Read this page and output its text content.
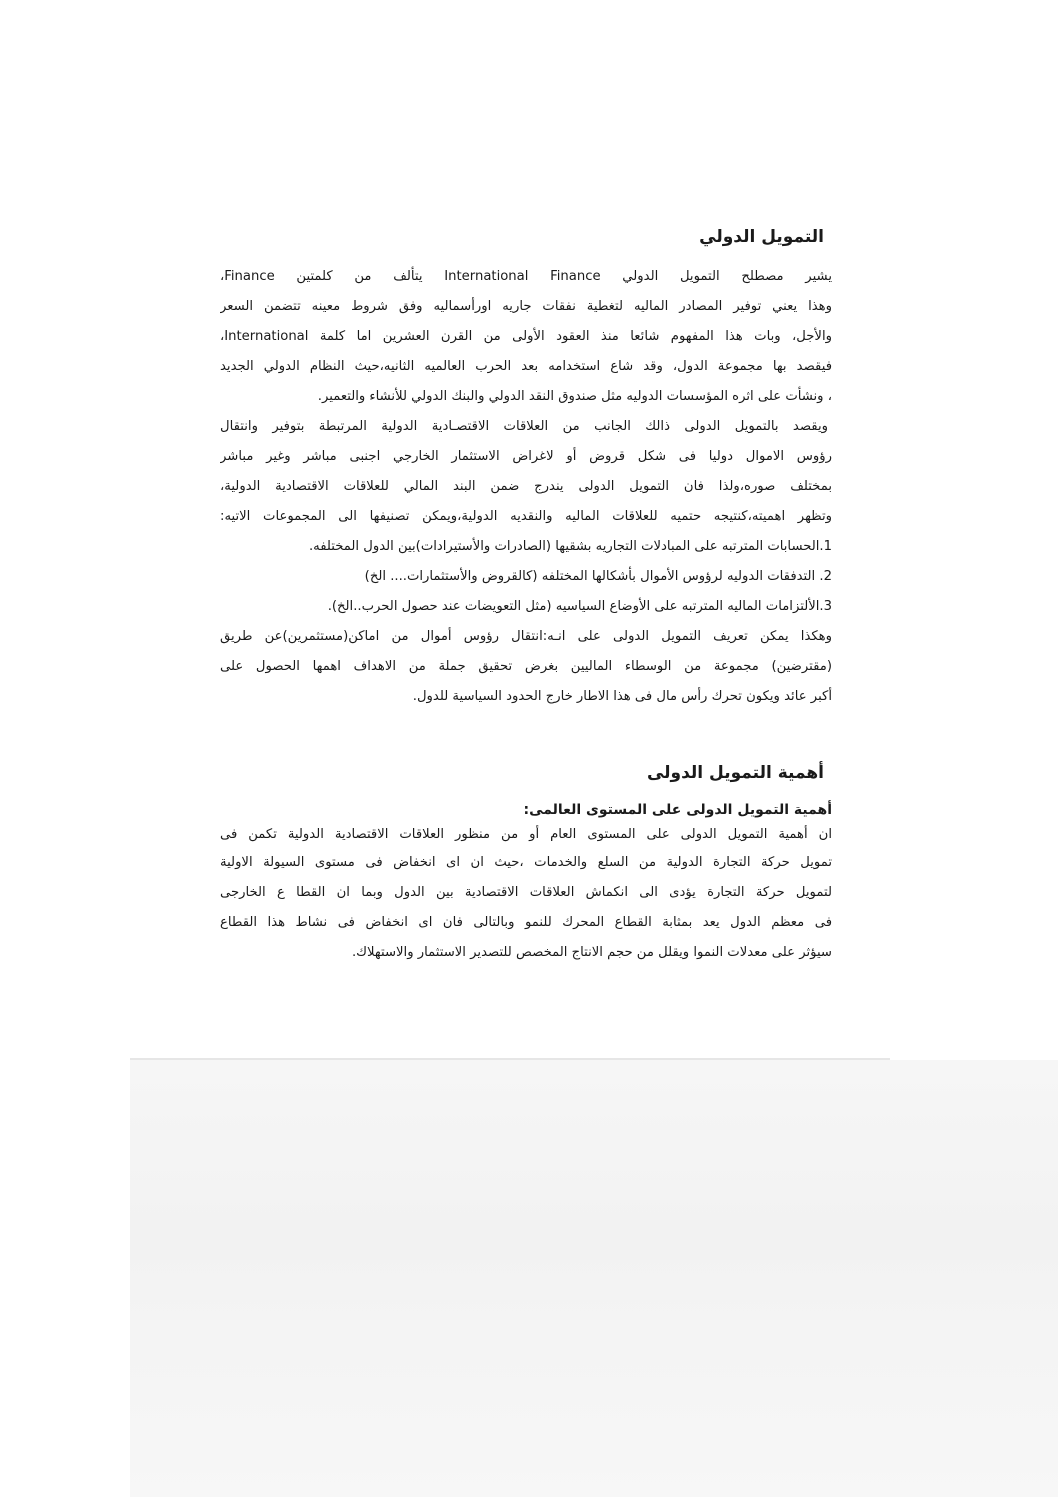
التمويل الدولي
يشير مصطلح التمويل الدولي International Finance يتألف من كلمتين Finance،
وهذا يعني توفير المصادر الماليه لتغطية نفقات جاريه اورأسماليه وفق شروط معينه تتضمن السعر
والأجل، وبات هذا المفهوم شائعا منذ العقود الأولى من القرن العشرين اما كلمة International،
فيقصد بها مجموعة الدول، وقد شاع استخدامه بعد الحرب العالميه الثانيه،حيث النظام الدولي الجديد
، ونشأت على اثره المؤسسات الدوليه مثل صندوق النقد الدولي والبنك الدولي للأنشاء والتعمير.
ويقصد بالتمويل الدولى ذالك الجانب من العلاقات الاقتصـادية الدولية المرتبطة بتوفير وانتقال
رؤوس الاموال دوليا فى شكل قروض أو لاغراض الاستثمار الخارجي اجنبى مباشر وغير مباشر
بمختلف صوره،ولذا فان التمويل الدولى يندرج ضمن البند المالي للعلاقات الاقتصادية الدولية،
وتظهر اهميته،كنتيجه حتميه للعلاقات الماليه والنقديه الدولية،ويمكن تصنيفها الى المجموعات الاتيه:
1.الحسابات المترتبه على المبادلات التجاريه بشقيها (الصادرات والأستيرادات)بين الدول المختلفه.
2. التدفقات الدوليه لرؤوس الأموال بأشكالها المختلفه (كالقروض والأستثمارات.... الخ)
3.الألتزامات الماليه المترتبه على الأوضاع السياسيه (مثل التعويضات عند حصول الحرب..الخ).
وهكذا يمكن تعريف التمويل الدولى على انـه:انتقال رؤوس أموال من اماكن(مستثمرين)عن طريق
(مقترضين) مجموعة من الوسطاء الماليين بغرض تحقيق جملة من الاهداف اهمها الحصول على
أكبر عائد ويكون تحرك رأس مال فى هذا الاطار خارج الحدود السياسية للدول.
أهمية التمويل الدولى
أهمية التمويل الدولى على المستوى العالمى:
ان أهمية التمويل الدولى على المستوى العام أو من منظور العلاقات الاقتصادية الدولية تكمن فى
تمويل حركة التجارة الدولية من السلع والخدمات ،حيث ان اى انخفاض فى مستوى السيولة الاولية
لتمويل حركة التجارة يؤدى الى انكماش العلاقات الاقتصادية بين الدول وبما ان القطا ع الخارجى
فى معظم الدول يعد بمثابة القطاع المحرك للنمو وبالتالى فان اى انخفاض فى نشاط هذا القطاع
سيؤثر على معدلات النموا ويقلل من حجم الانتاج المخصص للتصدير الاستثمار والاستهلاك.
